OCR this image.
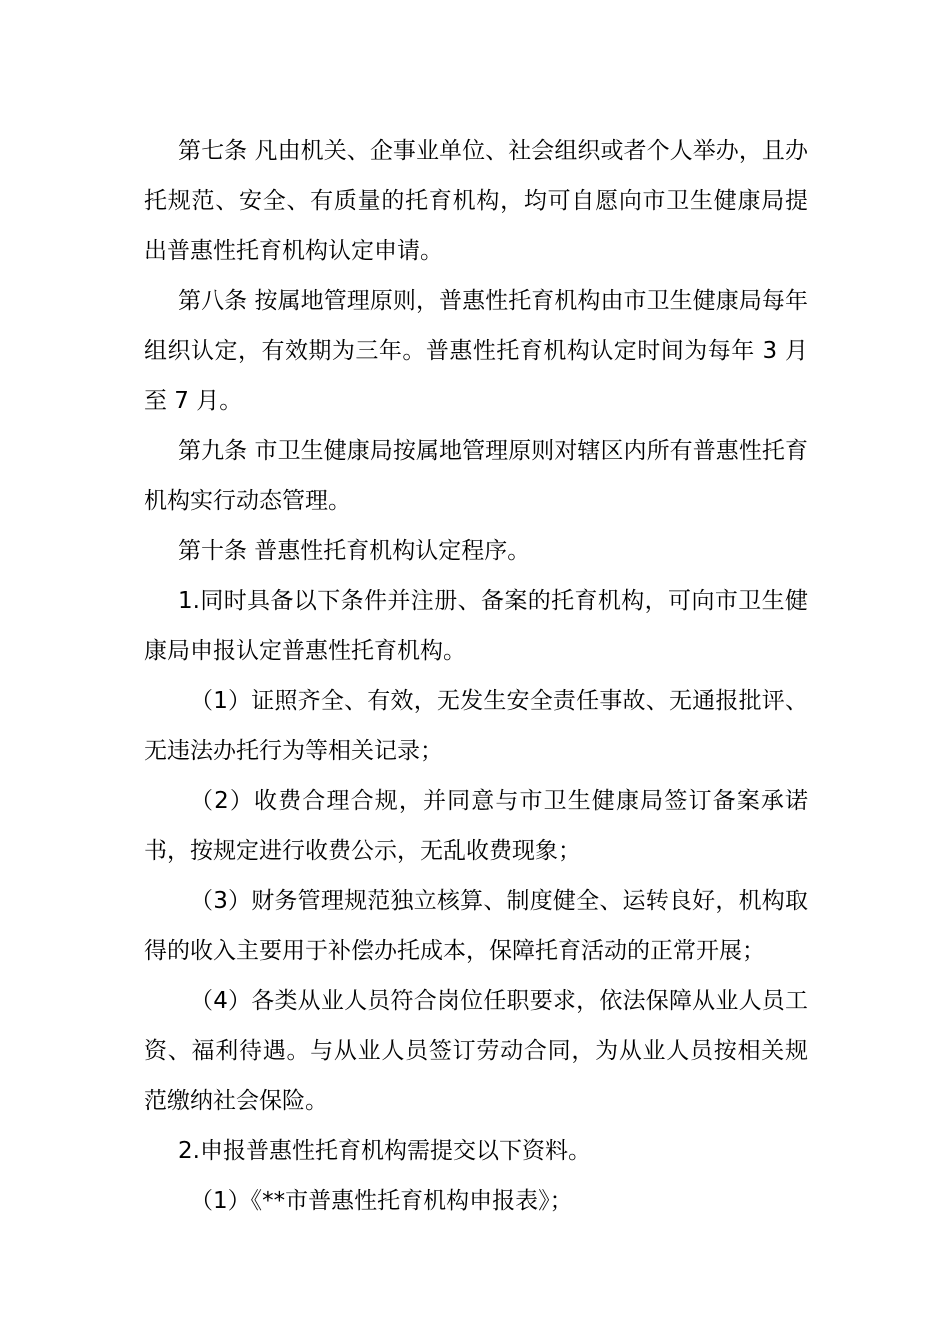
第七条 凡由机关、企事业单位、社会组织或者个人举办，且办托规范、安全、有质量的托育机构，均可自愿向市卫生健康局提出普惠性托育机构认定申请。

第八条 按属地管理原则，普惠性托育机构由市卫生健康局每年组织认定，有效期为三年。普惠性托育机构认定时间为每年 3 月至 7 月。

第九条 市卫生健康局按属地管理原则对辖区内所有普惠性托育机构实行动态管理。

第十条 普惠性托育机构认定程序。

1.同时具备以下条件并注册、备案的托育机构，可向市卫生健康局申报认定普惠性托育机构。

（1）证照齐全、有效，无发生安全责任事故、无通报批评、无违法办托行为等相关记录；

（2）收费合理合规，并同意与市卫生健康局签订备案承诺书，按规定进行收费公示，无乱收费现象；

（3）财务管理规范独立核算、制度健全、运转良好，机构取得的收入主要用于补偿办托成本，保障托育活动的正常开展；

（4）各类从业人员符合岗位任职要求，依法保障从业人员工资、福利待遇。与从业人员签订劳动合同，为从业人员按相关规范缴纳社会保险。

2.申报普惠性托育机构需提交以下资料。

（1）《**市普惠性托育机构申报表》；
